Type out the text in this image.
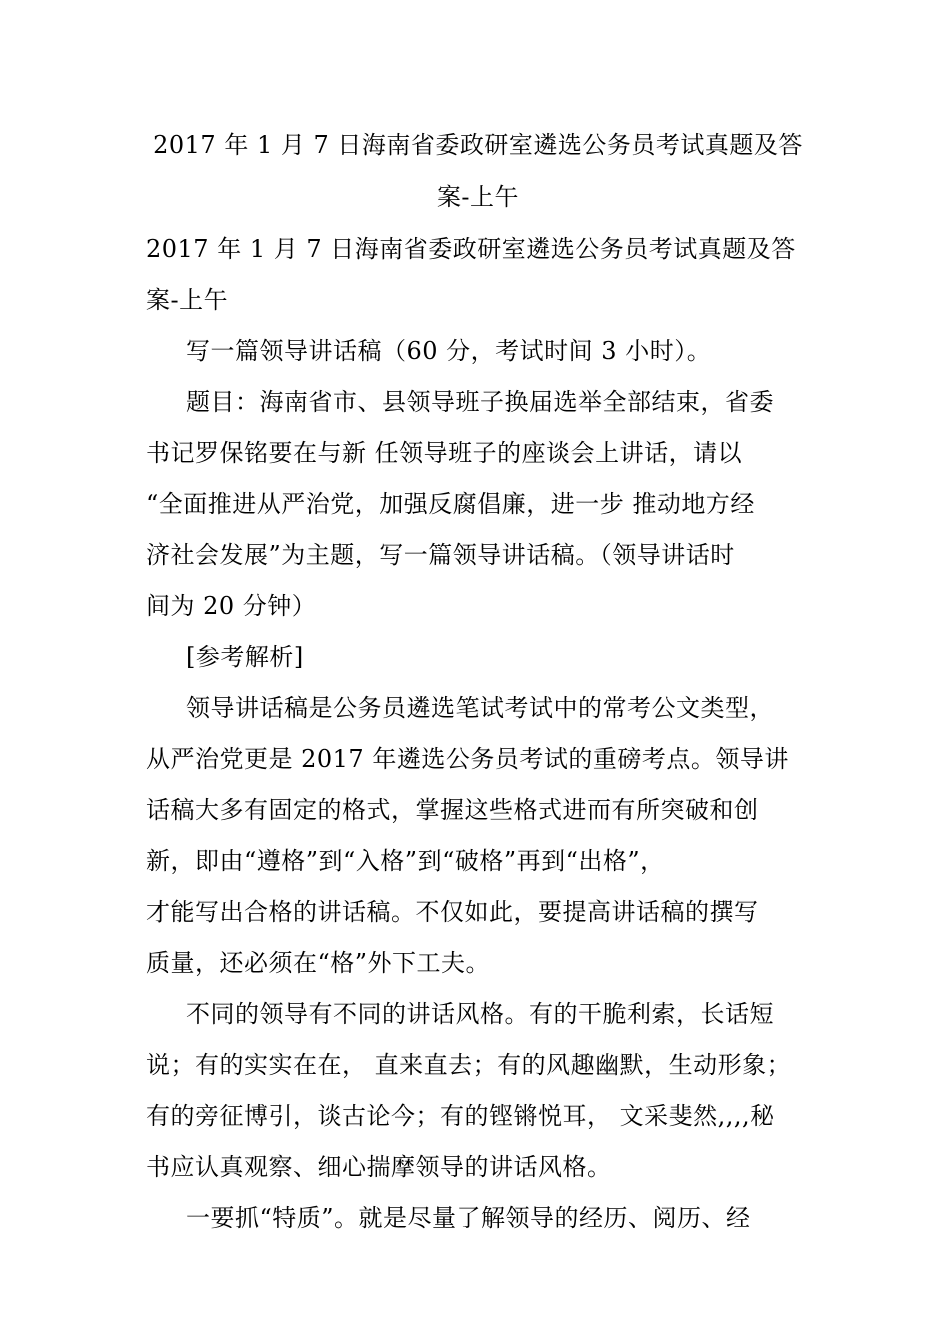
2017 年 1 月 7 日海南省委政研室遴选公务员考试真题及答
案-上午
2017 年 1 月 7 日海南省委政研室遴选公务员考试真题及答
案-上午
写一篇领导讲话稿（60 分，考试时间 3 小时）。
题目：海南省市、县领导班子换届选举全部结束，省委
书记罗保铭要在与新 任领导班子的座谈会上讲话，请以
“全面推进从严治党，加强反腐倡廉，进一步 推动地方经
济社会发展”为主题，写一篇领导讲话稿。（领导讲话时
间为 20 分钟）
[参考解析]
领导讲话稿是公务员遴选笔试考试中的常考公文类型，
从严治党更是 2017 年遴选公务员考试的重磅考点。领导讲
话稿大多有固定的格式，掌握这些格式进而有所突破和创
新，即由“遵格”到“入格”到“破格”再到“出格”，
才能写出合格的讲话稿。不仅如此，要提高讲话稿的撰写
质量，还必须在“格”外下工夫。
不同的领导有不同的讲话风格。有的干脆利索，长话短
说；有的实实在在， 直来直去；有的风趣幽默，生动形象；
有的旁征博引，谈古论今；有的铿锵悦耳， 文采斐然,,,,秘
书应认真观察、细心揣摩领导的讲话风格。
一要抓“特质”。就是尽量了解领导的经历、阅历、经
